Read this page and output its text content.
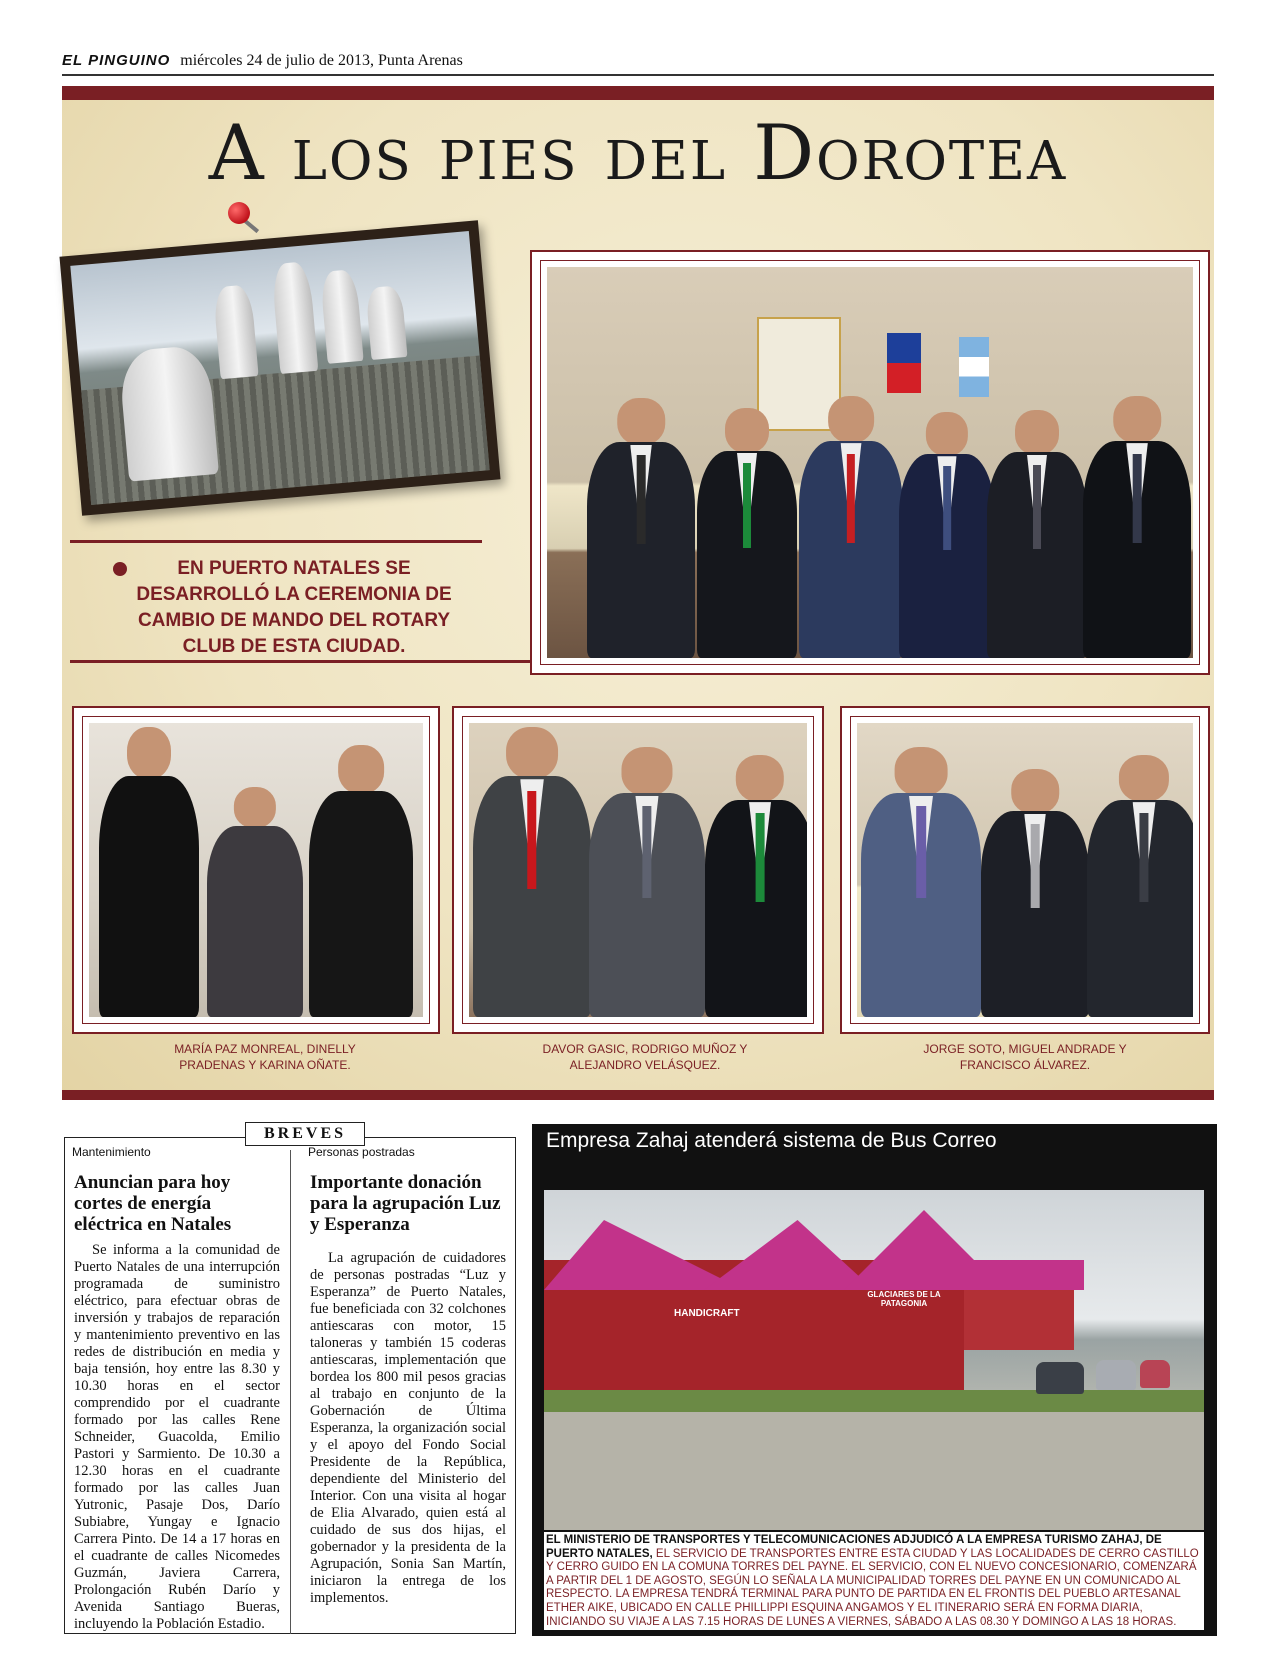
EL PINGUINO miércoles 24 de julio de 2013, Punta Arenas
A los pies del Dorotea
EN PUERTO NATALES SE DESARROLLÓ LA CEREMONIA DE CAMBIO DE MANDO DEL ROTARY CLUB DE ESTA CIUDAD.
MARÍA PAZ MONREAL, DINELLY PRADENAS Y KARINA OÑATE.
DAVOR GASIC, RODRIGO MUÑOZ Y ALEJANDRO VELÁSQUEZ.
JORGE SOTO, MIGUEL ANDRADE Y FRANCISCO ÁLVAREZ.
BREVES
Mantenimiento
Anuncian para hoy cortes de energía eléctrica en Natales
Se informa a la comunidad de Puerto Natales de una interrupción programada de suministro eléctrico, para efectuar obras de inversión y trabajos de reparación y mantenimiento preventivo en las redes de distribución en media y baja tensión, hoy entre las 8.30 y 10.30 horas en el sector comprendido por el cuadrante formado por las calles Rene Schneider, Guacolda, Emilio Pastori y Sarmiento. De 10.30 a 12.30 horas en el cuadrante formado por las calles Juan Yutronic, Pasaje Dos, Darío Subiabre, Yungay e Ignacio Carrera Pinto. De 14 a 17 horas en el cuadrante de calles Nicomedes Guzmán, Javiera Carrera, Prolongación Rubén Darío y Avenida Santiago Bueras, incluyendo la Población Estadio.
Personas postradas
Importante donación para la agrupación Luz y Esperanza
La agrupación de cuidadores de personas postradas “Luz y Esperanza” de Puerto Natales, fue beneficiada con 32 colchones antiescaras con motor, 15 taloneras y también 15 coderas antiescaras, implementación que bordea los 800 mil pesos gracias al trabajo en conjunto de la Gobernación de Última Esperanza, la organización social y el apoyo del Fondo Social Presidente de la República, dependiente del Ministerio del Interior. Con una visita al hogar de Elia Alvarado, quien está al cuidado de sus dos hijas, el gobernador y la presidenta de la Agrupación, Sonia San Martín, iniciaron la entrega de los implementos.
Empresa Zahaj atenderá sistema de Bus Correo
HANDICRAFT
GLACIARES DE LA PATAGONIA
EL MINISTERIO DE TRANSPORTES Y TELECOMUNICACIONES ADJUDICÓ A LA EMPRESA TURISMO ZAHAJ, DE PUERTO NATALES, EL SERVICIO DE TRANSPORTES ENTRE ESTA CIUDAD Y LAS LOCALIDADES DE CERRO CASTILLO Y CERRO GUIDO EN LA COMUNA TORRES DEL PAYNE. EL SERVICIO, CON EL NUEVO CONCESIONARIO, COMENZARÁ A PARTIR DEL 1 DE AGOSTO, SEGÚN LO SEÑALA LA MUNICIPALIDAD TORRES DEL PAYNE EN UN COMUNICADO AL RESPECTO. LA EMPRESA TENDRÁ TERMINAL PARA PUNTO DE PARTIDA EN EL FRONTIS DEL PUEBLO ARTESANAL ETHER AIKE, UBICADO EN CALLE PHILLIPPI ESQUINA ANGAMOS Y EL ITINERARIO SERÁ EN FORMA DIARIA, INICIANDO SU VIAJE A LAS 7.15 HORAS DE LUNES A VIERNES, SÁBADO A LAS 08.30 Y DOMINGO A LAS 18 HORAS.
